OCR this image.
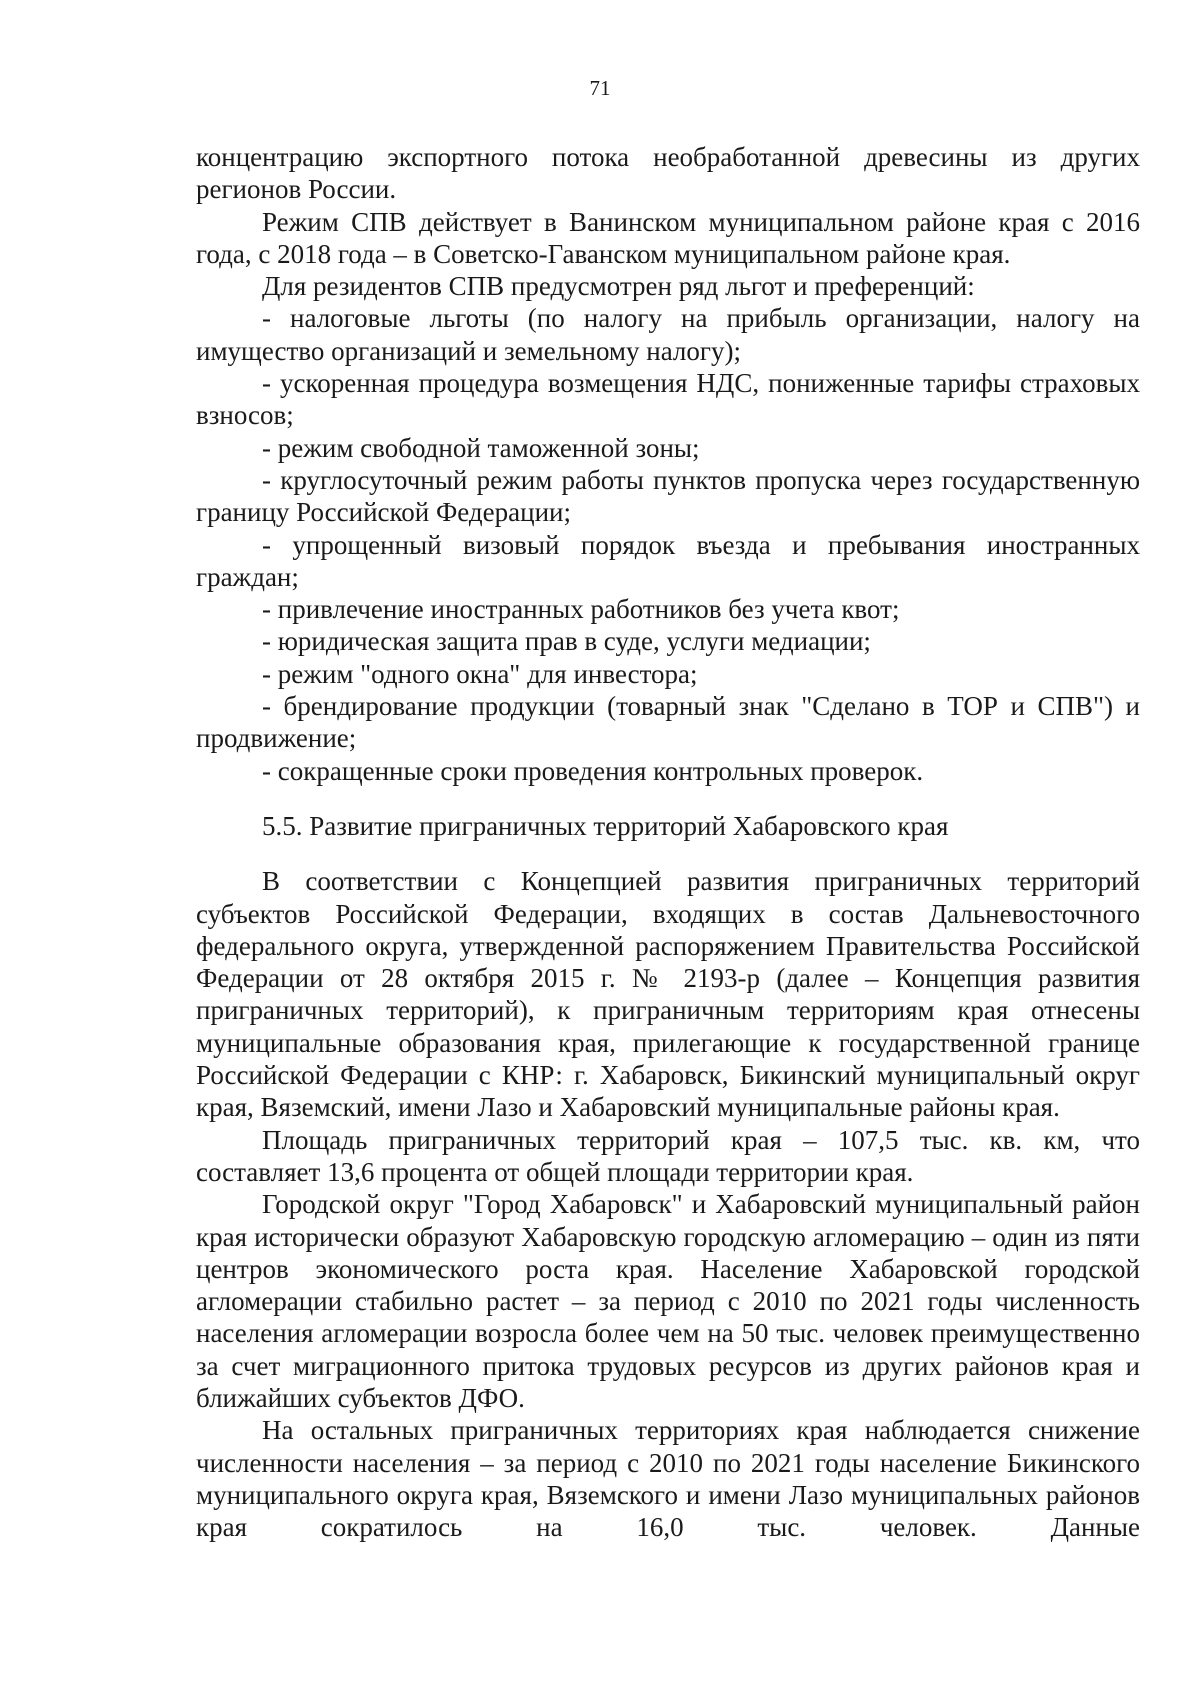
71

концентрацию экспортного потока необработанной древесины из других регионов России.

Режим СПВ действует в Ванинском муниципальном районе края с 2016 года, с 2018 года – в Советско-Гаванском муниципальном районе края.

Для резидентов СПВ предусмотрен ряд льгот и преференций:

- налоговые льготы (по налогу на прибыль организации, налогу на имущество организаций и земельному налогу);

- ускоренная процедура возмещения НДС, пониженные тарифы страховых взносов;

- режим свободной таможенной зоны;

- круглосуточный режим работы пунктов пропуска через государственную границу Российской Федерации;

- упрощенный визовый порядок въезда и пребывания иностранных граждан;

- привлечение иностранных работников без учета квот;

- юридическая защита прав в суде, услуги медиации;

- режим "одного окна" для инвестора;

- брендирование продукции (товарный знак "Сделано в ТОР и СПВ") и продвижение;

- сокращенные сроки проведения контрольных проверок.

5.5. Развитие приграничных территорий Хабаровского края

В соответствии с Концепцией развития приграничных территорий субъектов Российской Федерации, входящих в состав Дальневосточного федерального округа, утвержденной распоряжением Правительства Российской Федерации от 28 октября 2015 г. № 2193-р (далее – Концепция развития приграничных территорий), к приграничным территориям края отнесены муниципальные образования края, прилегающие к государственной границе Российской Федерации с КНР: г. Хабаровск, Бикинский муниципальный округ края, Вяземский, имени Лазо и Хабаровский муниципальные районы края.

Площадь приграничных территорий края – 107,5 тыс. кв. км, что составляет 13,6 процента от общей площади территории края.

Городской округ "Город Хабаровск" и Хабаровский муниципальный район края исторически образуют Хабаровскую городскую агломерацию – один из пяти центров экономического роста края. Население Хабаровской городской агломерации стабильно растет – за период с 2010 по 2021 годы численность населения агломерации возросла более чем на 50 тыс. человек преимущественно за счет миграционного притока трудовых ресурсов из других районов края и ближайших субъектов ДФО.

На остальных приграничных территориях края наблюдается снижение численности населения – за период с 2010 по 2021 годы население Бикинского муниципального округа края, Вяземского и имени Лазо муниципальных районов края сократилось на 16,0 тыс. человек. Данные
